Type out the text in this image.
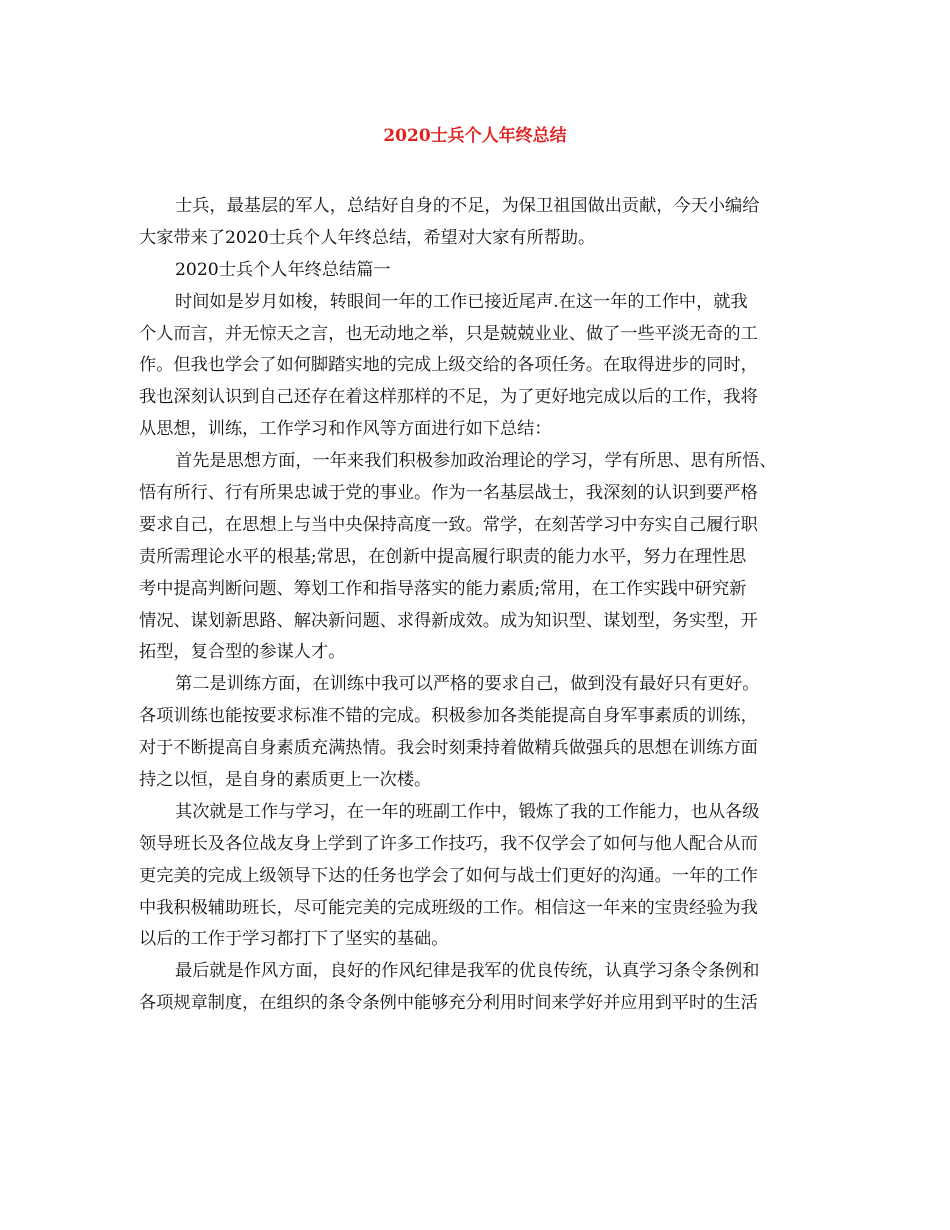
2020士兵个人年终总结
士兵，最基层的军人，总结好自身的不足，为保卫祖国做出贡献，今天小编给
大家带来了2020士兵个人年终总结，希望对大家有所帮助。
2020士兵个人年终总结篇一
时间如是岁月如梭，转眼间一年的工作已接近尾声.在这一年的工作中，就我
个人而言，并无惊天之言，也无动地之举，只是兢兢业业、做了一些平淡无奇的工
作。但我也学会了如何脚踏实地的完成上级交给的各项任务。在取得进步的同时，
我也深刻认识到自己还存在着这样那样的不足，为了更好地完成以后的工作，我将
从思想，训练，工作学习和作风等方面进行如下总结：
首先是思想方面，一年来我们积极参加政治理论的学习，学有所思、思有所悟、
悟有所行、行有所果忠诚于党的事业。作为一名基层战士，我深刻的认识到要严格
要求自己，在思想上与当中央保持高度一致。常学，在刻苦学习中夯实自己履行职
责所需理论水平的根基;常思，在创新中提高履行职责的能力水平，努力在理性思
考中提高判断问题、筹划工作和指导落实的能力素质;常用，在工作实践中研究新
情况、谋划新思路、解决新问题、求得新成效。成为知识型、谋划型，务实型，开
拓型，复合型的参谋人才。
第二是训练方面，在训练中我可以严格的要求自己，做到没有最好只有更好。
各项训练也能按要求标准不错的完成。积极参加各类能提高自身军事素质的训练，
对于不断提高自身素质充满热情。我会时刻秉持着做精兵做强兵的思想在训练方面
持之以恒，是自身的素质更上一次楼。
其次就是工作与学习，在一年的班副工作中，锻炼了我的工作能力，也从各级
领导班长及各位战友身上学到了许多工作技巧，我不仅学会了如何与他人配合从而
更完美的完成上级领导下达的任务也学会了如何与战士们更好的沟通。一年的工作
中我积极辅助班长，尽可能完美的完成班级的工作。相信这一年来的宝贵经验为我
以后的工作于学习都打下了坚实的基础。
最后就是作风方面，良好的作风纪律是我军的优良传统，认真学习条令条例和
各项规章制度，在组织的条令条例中能够充分利用时间来学好并应用到平时的生活
